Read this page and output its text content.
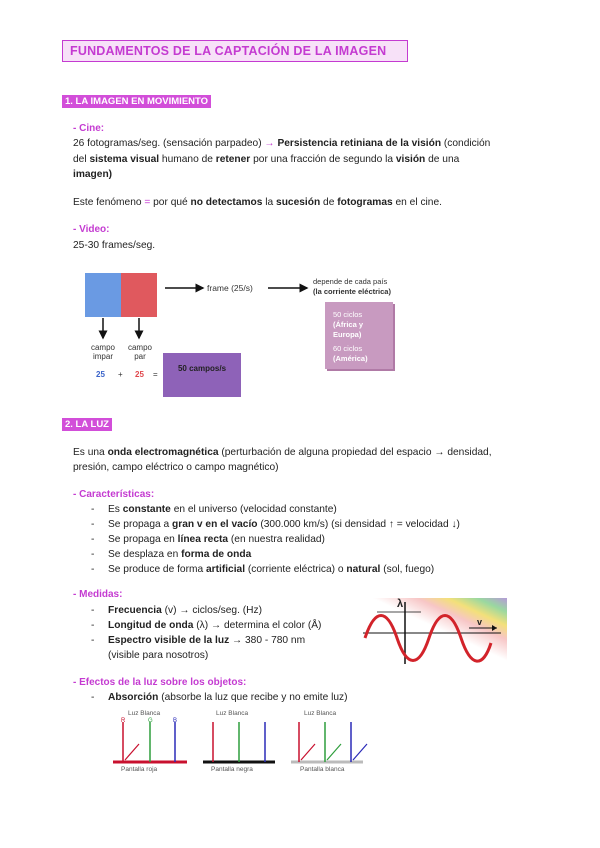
FUNDAMENTOS DE LA CAPTACIÓN DE LA IMAGEN
1. LA IMAGEN EN MOVIMIENTO
- Cine:
26 fotogramas/seg. (sensación parpadeo) → Persistencia retiniana de la visión (condición
del sistema visual humano de retener por una fracción de segundo la visión de una
imagen)
Este fenómeno = por qué no detectamos la sucesión de fotogramas en el cine.
- Video:
25-30 frames/seg.
frame (25/s)
depende de cada país
(la corriente eléctrica)
50 ciclos
(África y Europa)
60 ciclos
(América)
campo impar
campo par
25 + 25 =
50 campos/s
2. LA LUZ
Es una onda electromagnética (perturbación de alguna propiedad del espacio → densidad,
presión, campo eléctrico o campo magnético)
- Características:
- Es constante en el universo (velocidad constante)
- Se propaga a gran v en el vacío (300.000 km/s) (si densidad ↑ = velocidad ↓)
- Se propaga en línea recta (en nuestra realidad)
- Se desplaza en forma de onda
- Se produce de forma artificial (corriente eléctrica) o natural (sol, fuego)
- Medidas:
- Frecuencia (v) → ciclos/seg. (Hz)
- Longitud de onda (λ) → determina el color (Å)
- Espectro visible de la luz → 380 - 780 nm
(visible para nosotros)
λ
v
- Efectos de la luz sobre los objetos:
- Absorción (absorbe la luz que recibe y no emite luz)
Luz Blanca	Luz Blanca	Luz Blanca
R	G	B
Pantalla roja	Pantalla negra	Pantalla blanca
